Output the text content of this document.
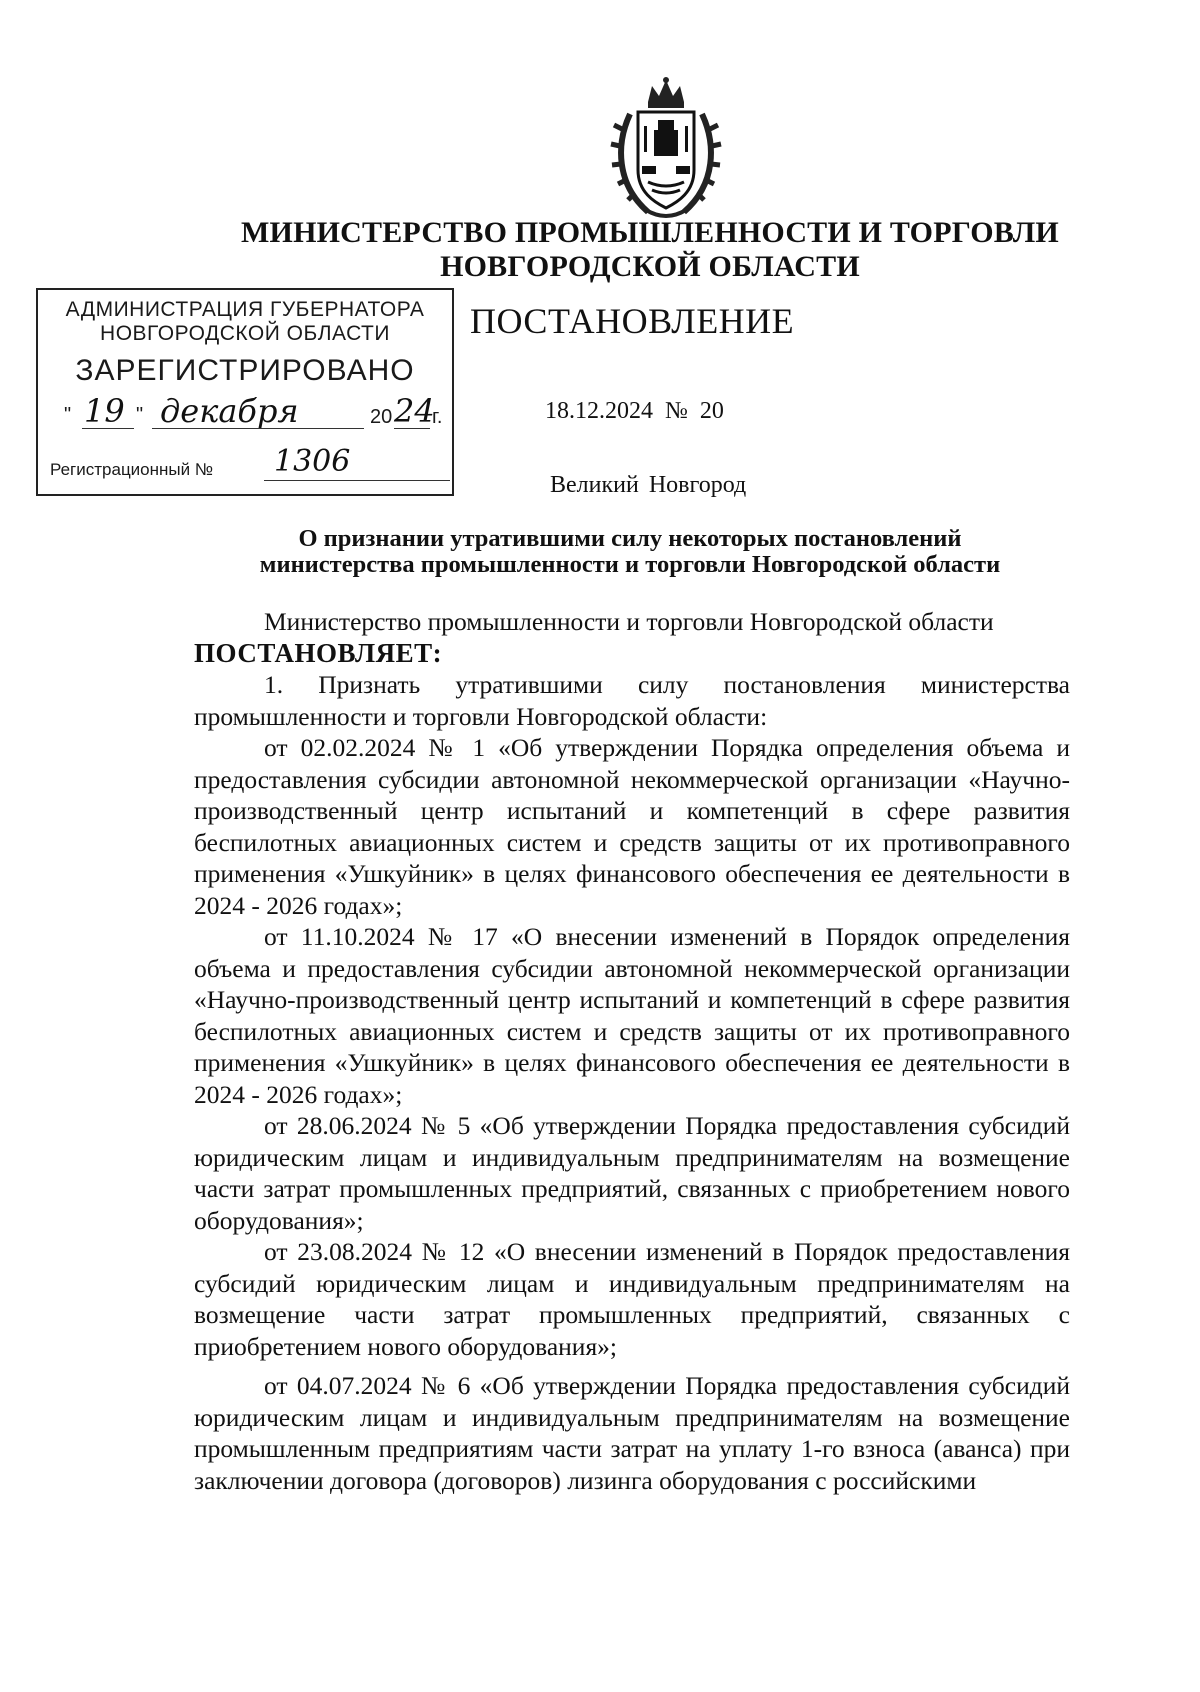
МИНИСТЕРСТВО ПРОМЫШЛЕННОСТИ И ТОРГОВЛИ
НОВГОРОДСКОЙ ОБЛАСТИ
АДМИНИСТРАЦИЯ ГУБЕРНАТОРА
НОВГОРОДСКОЙ ОБЛАСТИ
ЗАРЕГИСТРИРОВАНО
" 19 " декабря	20 24
г.
Регистрационный № 1306
ПОСТАНОВЛЕНИЕ
18.12.2024 № 20
Великий Новгород
О признании утратившими силу некоторых постановлений
министерства промышленности и торговли Новгородской области

Министерство промышленности и торговли Новгородской области

ПОСТАНОВЛЯЕТ:

1. Признать утратившими силу постановления министерства промышленности и торговли Новгородской области:

от 02.02.2024 № 1 «Об утверждении Порядка определения объема и предоставления субсидии автономной некоммерческой организации «Научно-производственный центр испытаний и компетенций в сфере развития беспилотных авиационных систем и средств защиты от их противоправного применения «Ушкуйник» в целях финансового обеспечения ее деятельности в 2024 - 2026 годах»;

от 11.10.2024 № 17 «О внесении изменений в Порядок определения объема и предоставления субсидии автономной некоммерческой организации «Научно-производственный центр испытаний и компетенций в сфере развития беспилотных авиационных систем и средств защиты от их противоправного применения «Ушкуйник» в целях финансового обеспечения ее деятельности в 2024 - 2026 годах»;

от 28.06.2024 № 5 «Об утверждении Порядка предоставления субсидий юридическим лицам и индивидуальным предпринимателям на возмещение части затрат промышленных предприятий, связанных с приобретением нового оборудования»;

от 23.08.2024 № 12 «О внесении изменений в Порядок предоставления субсидий юридическим лицам и индивидуальным предпринимателям на возмещение части затрат промышленных предприятий, связанных с приобретением нового оборудования»;

от 04.07.2024 № 6 «Об утверждении Порядка предоставления субсидий юридическим лицам и индивидуальным предпринимателям на возмещение промышленным предприятиям части затрат на уплату 1-го взноса (аванса) при заключении договора (договоров) лизинга оборудования с российскими
